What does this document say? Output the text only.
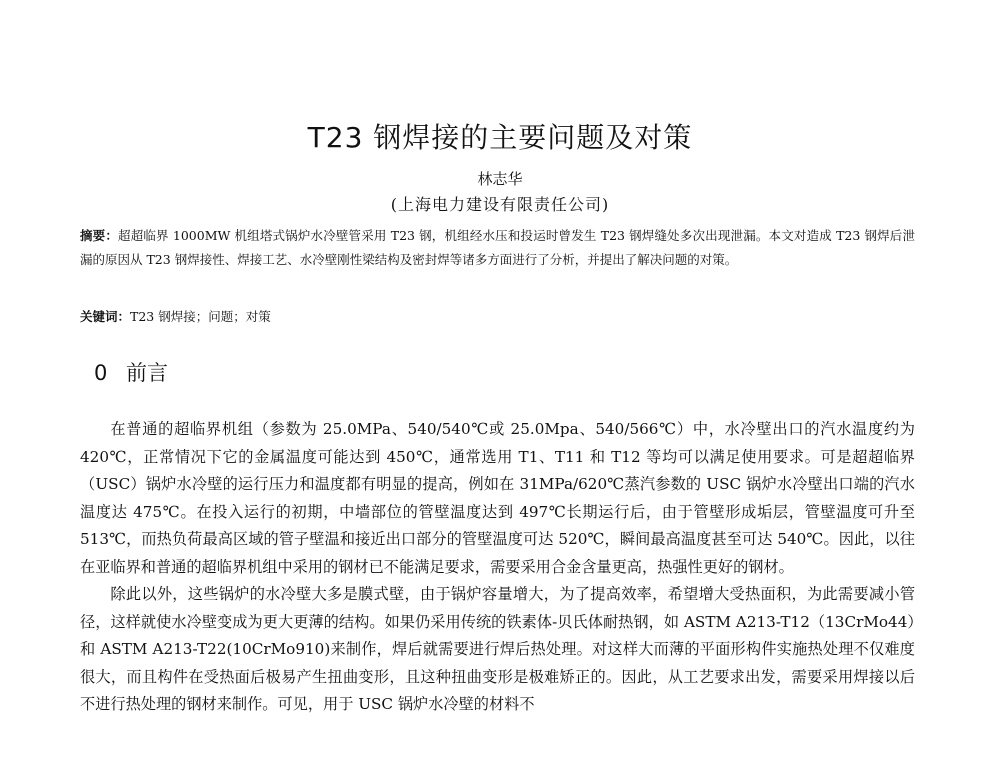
T23 钢焊接的主要问题及对策
林志华
(上海电力建设有限责任公司)
摘要：超超临界 1000MW 机组塔式锅炉水冷壁管采用 T23 钢，机组经水压和投运时曾发生 T23 钢焊缝处多次出现泄漏。本文对造成 T23 钢焊后泄漏的原因从 T23 钢焊接性、焊接工艺、水冷壁刚性梁结构及密封焊等诸多方面进行了分析，并提出了解决问题的对策。
关键词：T23 钢焊接；问题；对策
0 前言

在普通的超临界机组（参数为 25.0MPa、540/540℃或 25.0Mpa、540/566℃）中，水冷壁出口的汽水温度约为 420℃，正常情况下它的金属温度可能达到 450℃，通常选用 T1、T11 和 T12 等均可以满足使用要求。可是超超临界（USC）锅炉水冷壁的运行压力和温度都有明显的提高，例如在 31MPa/620℃蒸汽参数的 USC 锅炉水冷壁出口端的汽水温度达 475℃。在投入运行的初期，中墙部位的管壁温度达到 497℃长期运行后，由于管壁形成垢层，管壁温度可升至 513℃，而热负荷最高区域的管子壁温和接近出口部分的管壁温度可达 520℃，瞬间最高温度甚至可达 540℃。因此，以往在亚临界和普通的超临界机组中采用的钢材已不能满足要求，需要采用合金含量更高，热强性更好的钢材。

除此以外，这些锅炉的水冷壁大多是膜式壁，由于锅炉容量增大，为了提高效率，希望增大受热面积，为此需要减小管径，这样就使水冷壁变成为更大更薄的结构。如果仍采用传统的铁素体-贝氏体耐热钢，如 ASTM A213-T12（13CrMo44）和 ASTM A213-T22(10CrMo910)来制作，焊后就需要进行焊后热处理。对这样大而薄的平面形构件实施热处理不仅难度很大，而且构件在受热面后极易产生扭曲变形，且这种扭曲变形是极难矫正的。因此，从工艺要求出发，需要采用焊接以后不进行热处理的钢材来制作。可见，用于 USC 锅炉水冷壁的材料不
